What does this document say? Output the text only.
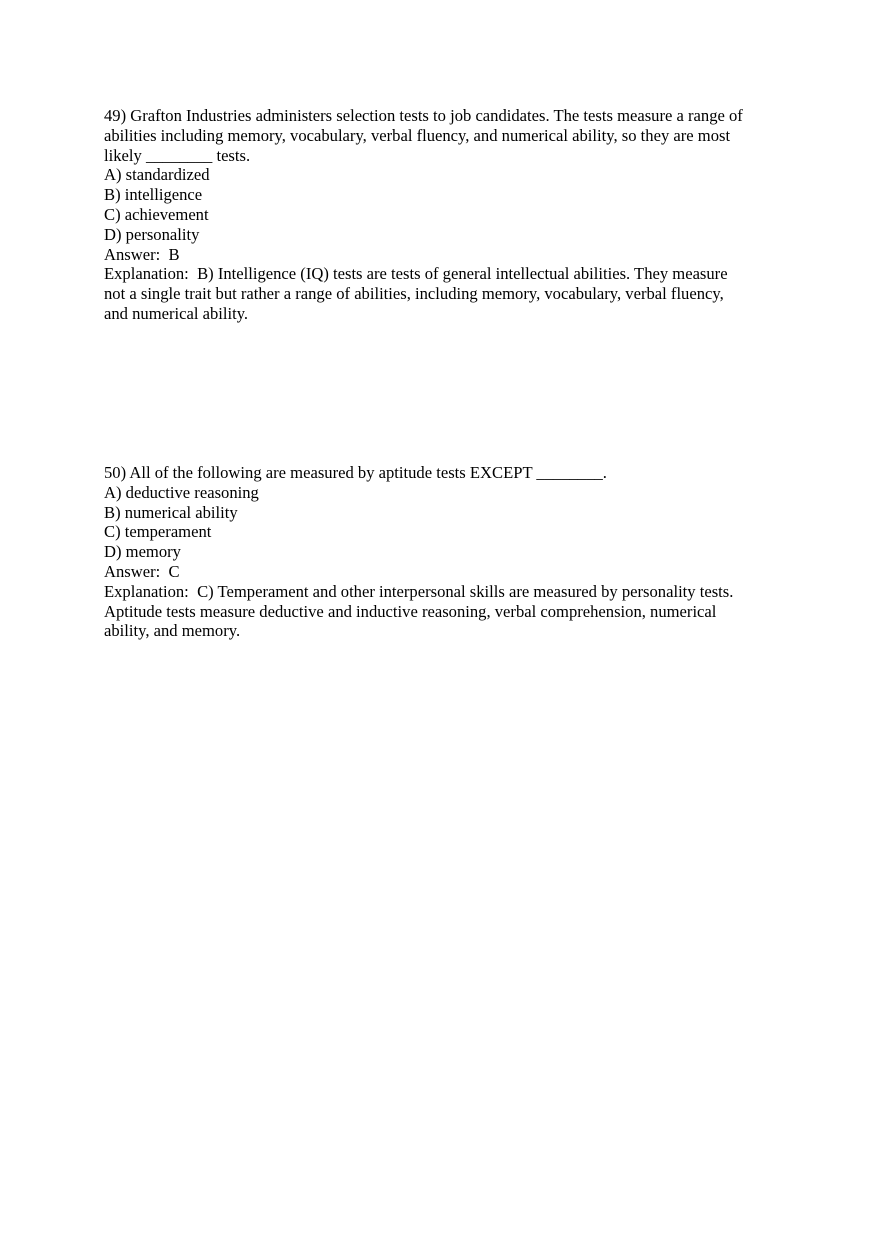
49) Grafton Industries administers selection tests to job candidates. The tests measure a range of
abilities including memory, vocabulary, verbal fluency, and numerical ability, so they are most
likely ________ tests.
A) standardized
B) intelligence
C) achievement
D) personality
Answer:  B
Explanation:  B) Intelligence (IQ) tests are tests of general intellectual abilities. They measure
not a single trait but rather a range of abilities, including memory, vocabulary, verbal fluency,
and numerical ability.
50) All of the following are measured by aptitude tests EXCEPT ________.
A) deductive reasoning
B) numerical ability
C) temperament
D) memory
Answer:  C
Explanation:  C) Temperament and other interpersonal skills are measured by personality tests.
Aptitude tests measure deductive and inductive reasoning, verbal comprehension, numerical
ability, and memory.
